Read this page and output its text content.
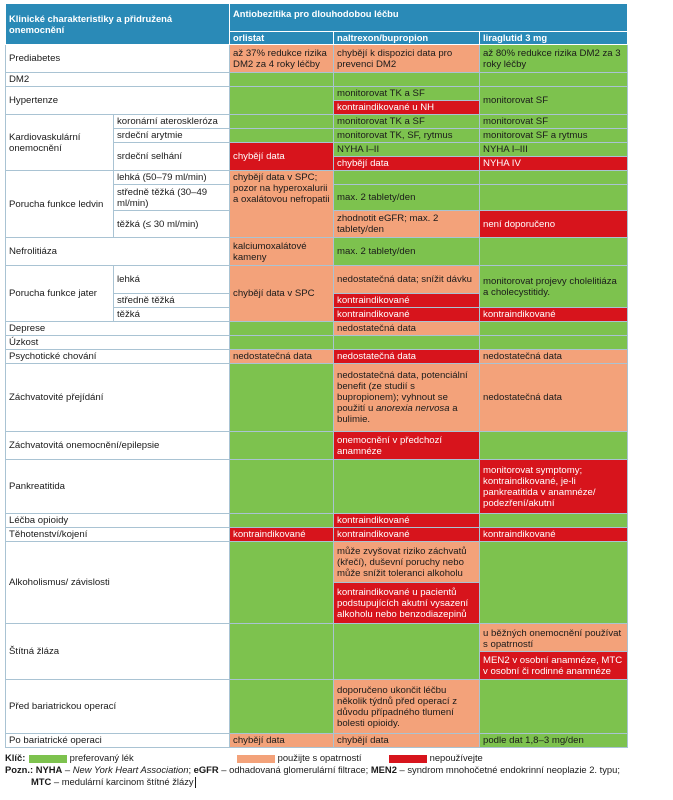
Klinické charakteristiky a přidružená onemocnění		Antiobezitika pro dlouhodobou léčbu		
		orlistat	naltrexon/bupropion	liraglutid 3 mg
Prediabetes		až 37% redukce rizika DM2 za 4 roky léčby	chybějí k dispozici data pro prevenci DM2	až 80% redukce rizika DM2 za 3 roky léčby
DM2				
Hypertenze			monitorovat TK a SF	monitorovat SF
			kontraindikované u NH	
Kardiovaskulární onemocnění	koronární ateroskleróza		monitorovat TK a SF	monitorovat SF
	srdeční arytmie		monitorovat TK, SF, rytmus	monitorovat SF a rytmus
	srdeční selhání	chybějí data	NYHA I–II	NYHA I–III
			chybějí data	NYHA IV
Porucha funkce ledvin	lehká (50–79 ml/min)	chybějí data v SPC; pozor na hyperoxalurii a oxalátovou nefropatii		
	středně těžká (30–49 ml/min)		max. 2 tablety/den	
	těžká (≤ 30 ml/min)		zhodnotit eGFR; max. 2 tablety/den	není doporučeno

Nefrolitiáza		kalciumoxalátové kameny	max. 2 tablety/den	
Porucha funkce jater	lehká	chybějí data v SPC	nedostatečná data; snížit dávku	monitorovat projevy cholelitiáza a cholecystitidy.
	středně těžká		kontraindikované	
	těžká		kontraindikované	kontraindikované
Deprese			nedostatečná data	
Úzkost				
Psychotické chování		nedostatečná data	nedostatečná data	nedostatečná data
Záchvatovité přejídání			nedostatečná data, potenciální benefit (ze studií s bupropionem); vyhnout se použití u anorexia nervosa a bulimie.	nedostatečná data
Záchvatovitá onemocnění/epilepsie			onemocnění v předchozí anamnéze	
Pankreatitida				monitorovat symptomy; kontraindikované, je-li pankreatitida v anamnéze/ podezření/akutní
Léčba opioidy			kontraindikované	
Těhotenství/kojení		kontraindikované	kontraindikované	kontraindikované
Alkoholismus/ závislosti			může zvyšovat riziko záchvatů (křečí), duševní poruchy nebo může snížit toleranci alkoholu	
			kontraindikované u pacientů podstupujících akutní vysazení alkoholu nebo benzodiazepinů	
Štítná žláza				u běžných onemocnění používat s opatrností
				MEN2 v osobní anamnéze, MTC v osobní či rodinné anamnéze
Před bariatrickou operací			doporučeno ukončit léčbu několik týdnů před operací z důvodu případného tlumení bolesti opioidy.	
Po bariatrické operaci		chybějí data	chybějí data	podle dat 1,8–3 mg/den
Klíč:	preferovaný lék	použijte s opatrností	nepoužívejte
Pozn.: NYHA – New York Heart Association; eGFR – odhadovaná glomerulární filtrace; MEN2 – syndrom mnohočetné endokrinní neoplazie 2. typu;
MTC – medulární karcinom štítné žlázy
